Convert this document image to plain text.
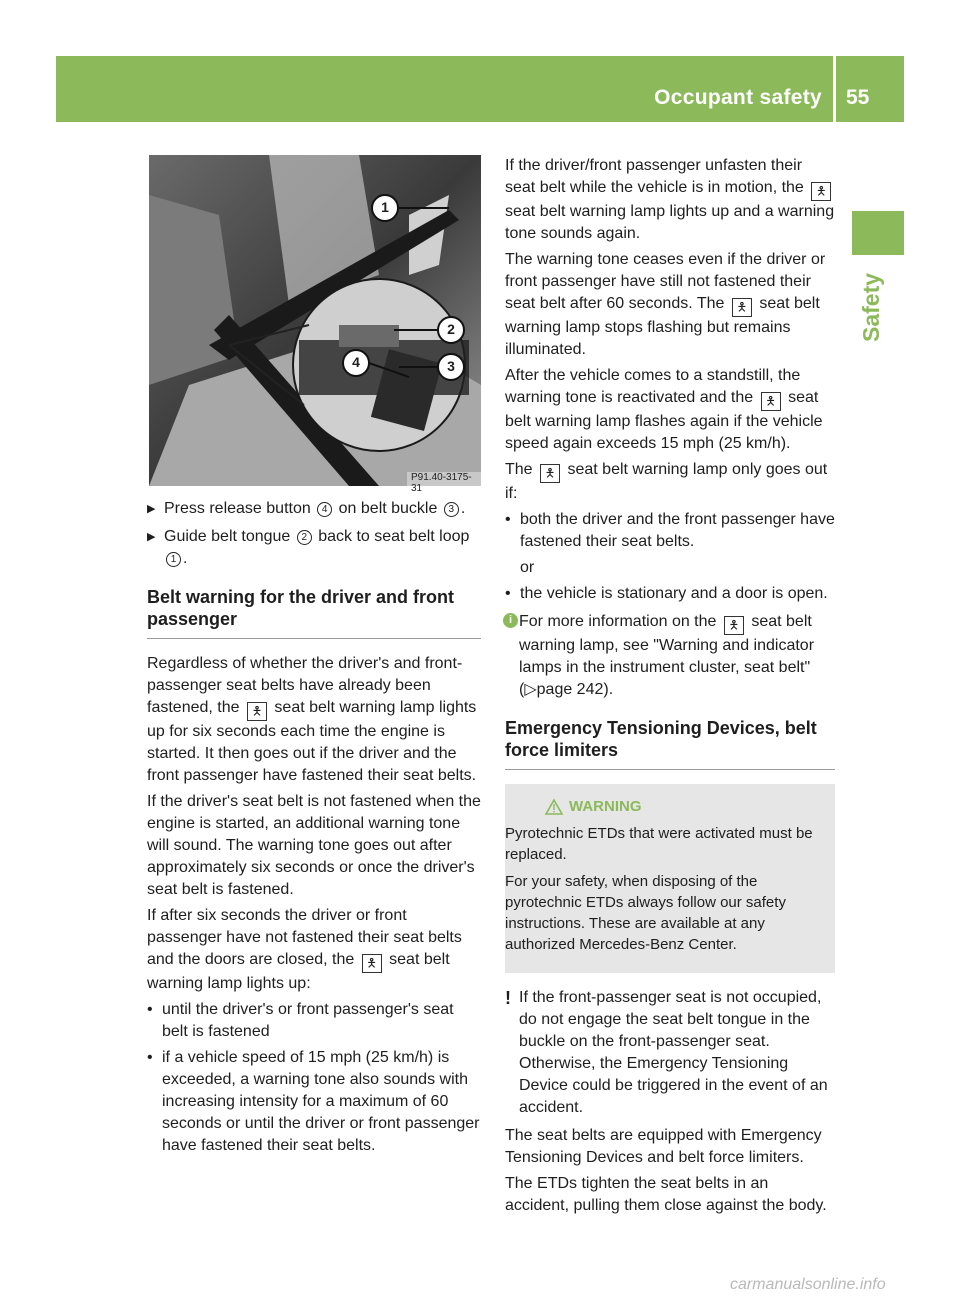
Occupant safety 55
Safety
1
2
3
4
P91.40-3175-31
▶ Press release button 4 on belt buckle 3 .
▶ Guide belt tongue 2 back to seat belt loop 1 .
Belt warning for the driver and front passenger

Regardless of whether the driver's and front-passenger seat belts have already been fastened, the 🯅 seat belt warning lamp lights up for six seconds each time the engine is started. It then goes out if the driver and the front passenger have fastened their seat belts.

If the driver's seat belt is not fastened when the engine is started, an additional warning tone will sound. The warning tone goes out after approximately six seconds or once the driver's seat belt is fastened.

If after six seconds the driver or front passenger have not fastened their seat belts and the doors are closed, the 🯅 seat belt warning lamp lights up:

• until the driver's or front passenger's seat belt is fastened
• if a vehicle speed of 15 mph (25 km/h) is exceeded, a warning tone also sounds with increasing intensity for a maximum of 60 seconds or until the driver or front passenger have fastened their seat belts.

If the driver/front passenger unfasten their seat belt while the vehicle is in motion, the 🯅 seat belt warning lamp lights up and a warning tone sounds again.

The warning tone ceases even if the driver or front passenger have still not fastened their seat belt after 60 seconds. The 🯅 seat belt warning lamp stops flashing but remains illuminated.

After the vehicle comes to a standstill, the warning tone is reactivated and the 🯅 seat belt warning lamp flashes again if the vehicle speed again exceeds 15 mph (25 km/h).

The 🯅 seat belt warning lamp only goes out if:

• both the driver and the front passenger have fastened their seat belts.
or
• the vehicle is stationary and a door is open.
i For more information on the 🯅 seat belt warning lamp, see "Warning and indicator lamps in the instrument cluster, seat belt" (▷page 242).
Emergency Tensioning Devices, belt force limiters
WARNING

Pyrotechnic ETDs that were activated must be replaced.

For your safety, when disposing of the pyrotechnic ETDs always follow our safety instructions. These are available at any authorized Mercedes-Benz Center.

! If the front-passenger seat is not occupied, do not engage the seat belt tongue in the buckle on the front-passenger seat. Otherwise, the Emergency Tensioning Device could be triggered in the event of an accident.

The seat belts are equipped with Emergency Tensioning Devices and belt force limiters.

The ETDs tighten the seat belts in an accident, pulling them close against the body.

carmanualsonline.info
